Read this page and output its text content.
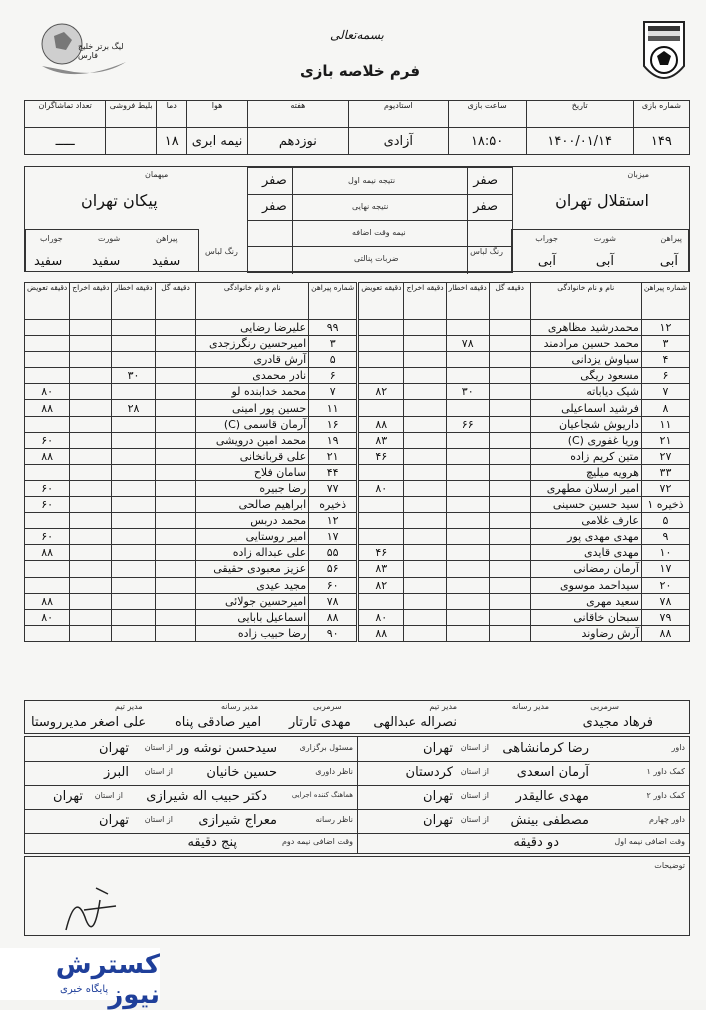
لیگ برتر خلیج فارس
بسمه‌تعالی
فرم خلاصه بازی
شماره بازی	تاریخ	ساعت بازی	استادیوم	هفته	هوا	دما	بلیط فروشی	تعداد تماشاگران
۱۴۹	۱۴۰۰/۰۱/۱۴	۱۸:۵۰	آزادی	نوزدهم	نیمه ابری	۱۸		ـــــ
میزبان
استقلال تهران
پیراهن
شورت
جوراب
آبی
آبی
آبی
رنگ لباس
صفر	نتیجه نیمه اول	صفر
صفر	نتیجه نهایی	صفر
نیمه وقت اضافه
ضربات پنالتی
میهمان
پیکان تهران
رنگ لباس
پیراهن
شورت
جوراب
سفید
سفید
سفید
شماره پیراهن	نام و نام خانوادگی	دقیقه گل	دقیقه اخطار	دقیقه اخراج	دقیقه تعویض		شماره پیراهن	نام و نام خانوادگی	دقیقه گل	دقیقه اخطار	دقیقه اخراج	دقیقه تعویض
۱۲	محمدرشید مظاهری						۹۹	علیرضا رضایی				
۳	محمد حسین مرادمند		۷۸				۳	امیرحسین رنگرزجدی				
۴	سیاوش یزدانی						۵	آرش قادری				
۶	مسعود ریگی						۶	نادر محمدی		۳۰		
۷	شیک دیاباته		۳۰		۸۲		۷	محمد خدابنده لو				۸۰
۸	فرشید اسماعیلی						۱۱	حسین پور امینی		۲۸		۸۸
۱۱	داریوش شجاعیان		۶۶		۸۸		۱۶	آرمان قاسمی (C)				
۲۱	وریا غفوری (C)				۸۳		۱۹	محمد امین درویشی				۶۰
۲۷	متین کریم زاده				۴۶		۲۱	علی قربانخانی				۸۸
۳۳	هرویه میلیچ						۴۴	سامان فلاح				
۷۲	امیر ارسلان مطهری				۸۰		۷۷	رضا جبیره				۶۰
ذخیره ۱	سید حسین حسینی						ذخیره	ابراهیم صالحی				۶۰
۵	عارف غلامی						۱۲	محمد دربس				
۹	مهدی مهدی پور						۱۷	امیر روستایی				۶۰
۱۰	مهدی قایدی				۴۶		۵۵	علی عبداله زاده				۸۸
۱۷	آرمان رمضانی				۸۳		۵۶	عزیز معبودی حقیقی				
۲۰	سیداحمد موسوی				۸۲		۶۰	مجید عیدی				
۷۸	سعید مهری						۷۸	امیرحسین جولائی				۸۸
۷۹	سبحان خاقانی				۸۰		۸۸	اسماعیل بابایی				۸۰
۸۸	آرش رضاوند				۸۸		۹۰	رضا حبیب زاده				
سرمربی
فرهاد مجیدی
مدیر رسانه
مدیر تیم
نصراله عبدالهی
سرمربی
مهدی تارتار
مدیر رسانه
امیر صادقی پناه
مدیر تیم
علی اصغر مدیرروستا
داور
رضا کرمانشاهی
از استان
تهران
کمک داور ۱
آرمان اسعدی
از استان
کردستان
کمک داور ۲
مهدی عالیقدر
از استان
تهران
داور چهارم
مصطفی بینش
از استان
تهران
وقت اضافی نیمه اول
دو دقیقه
مسئول برگزاری
سیدحسن نوشه ور
از استان
تهران
ناظر داوری
حسین خانیان
از استان
البرز
هماهنگ کننده اجرایی
دکتر حبیب اله شیرازی
از استان
تهران
ناظر رسانه
معراج شیرازی
از استان
تهران
وقت اضافی نیمه دوم
پنج دقیقه
توضیحات
کسترش نیوز
پایگاه خبری
